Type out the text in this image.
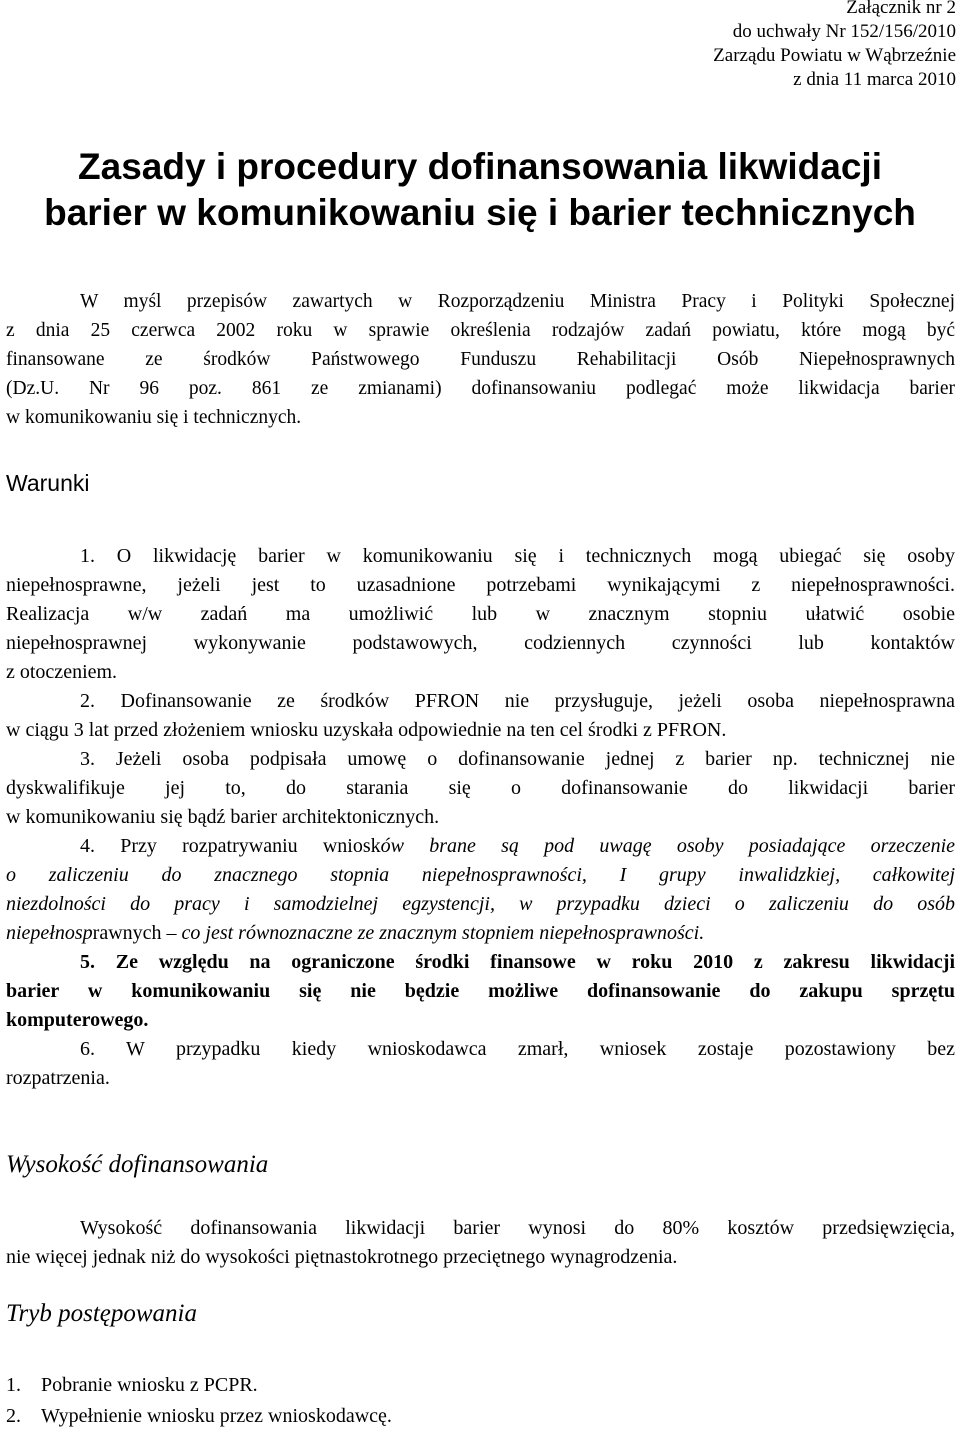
Załącznik nr 2
do uchwały Nr 152/156/2010
Zarządu Powiatu w Wąbrzeźnie
z dnia 11 marca 2010
Zasady i procedury dofinansowania likwidacji
barier w komunikowaniu się i barier technicznych
W myśl przepisów zawartych w Rozporządzeniu Ministra Pracy i Polityki Społecznej
z dnia 25 czerwca 2002 roku w sprawie określenia rodzajów zadań powiatu, które mogą być
finansowane ze środków Państwowego Funduszu Rehabilitacji Osób Niepełnosprawnych
(Dz.U. Nr 96 poz. 861 ze zmianami) dofinansowaniu podlegać może likwidacja barier
w komunikowaniu się i technicznych.
Warunki
1. O likwidację barier w komunikowaniu się i technicznych mogą ubiegać się osoby
niepełnosprawne, jeżeli jest to uzasadnione potrzebami wynikającymi z niepełnosprawności.
Realizacja w/w zadań ma umożliwić lub w znacznym stopniu ułatwić osobie
niepełnosprawnej wykonywanie podstawowych, codziennych czynności lub kontaktów
z otoczeniem.
2. Dofinansowanie ze środków PFRON nie przysługuje, jeżeli osoba niepełnosprawna
w ciągu 3 lat przed złożeniem wniosku uzyskała odpowiednie na ten cel środki z PFRON.
3. Jeżeli osoba podpisała umowę o dofinansowanie jednej z barier np. technicznej nie
dyskwalifikuje jej to, do starania się o dofinansowanie do likwidacji barier
w komunikowaniu się bądź barier architektonicznych.
4. Przy rozpatrywaniu wniosków brane są pod uwagę osoby posiadające orzeczenie
o zaliczeniu do znacznego stopnia niepełnosprawności, I grupy inwalidzkiej, całkowitej
niezdolności do pracy i samodzielnej egzystencji, w przypadku dzieci o zaliczeniu do osób
niepełnosprawnych – co jest równoznaczne ze znacznym stopniem niepełnosprawności.
5. Ze względu na ograniczone środki finansowe w roku 2010 z zakresu likwidacji
barier w komunikowaniu się nie będzie możliwe dofinansowanie do zakupu sprzętu
komputerowego.
6. W przypadku kiedy wnioskodawca zmarł, wniosek zostaje pozostawiony bez
rozpatrzenia.
Wysokość dofinansowania
Wysokość dofinansowania likwidacji barier wynosi do 80% kosztów przedsięwzięcia,
nie więcej jednak niż do wysokości piętnastokrotnego przeciętnego wynagrodzenia.
Tryb postępowania
1. Pobranie wniosku z PCPR.
2. Wypełnienie wniosku przez wnioskodawcę.
